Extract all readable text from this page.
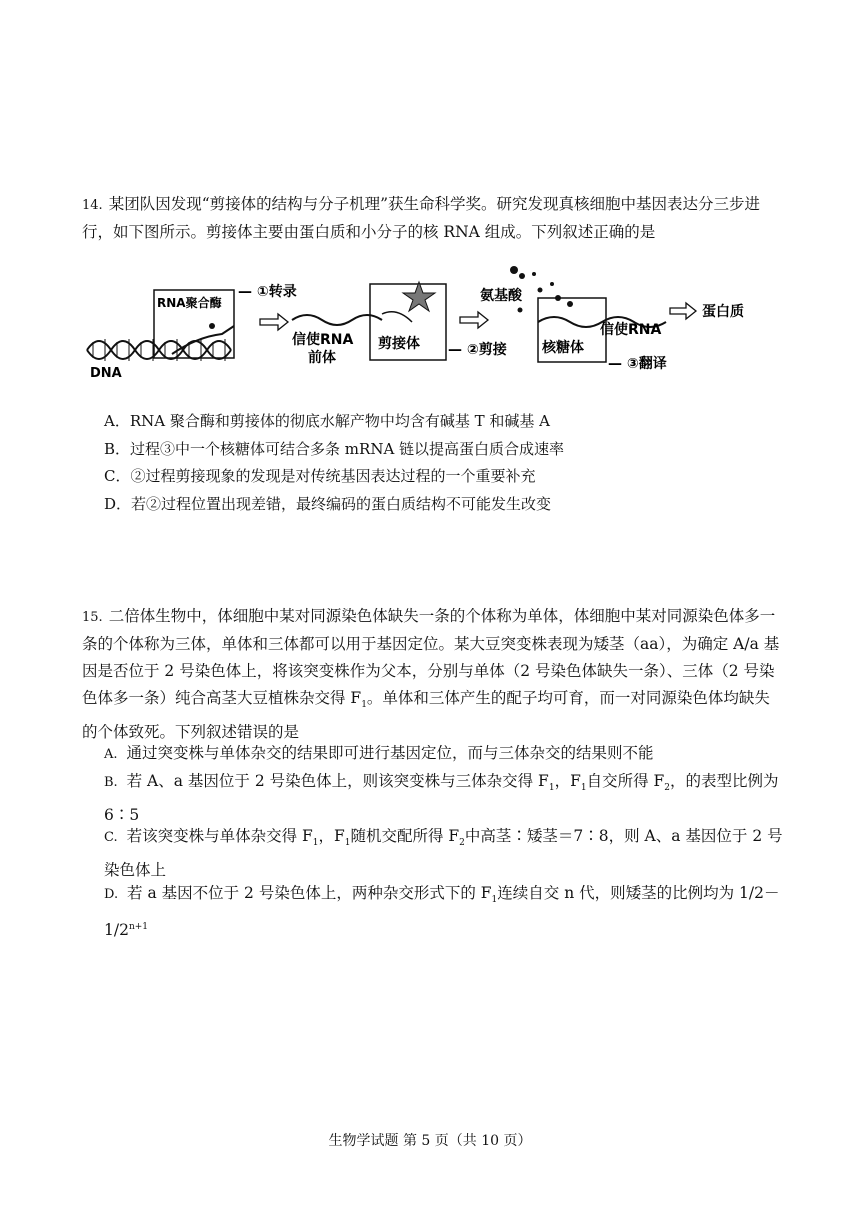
14. 某团队因发现“剪接体的结构与分子机理”获生命科学奖。研究发现真核细胞中基因表达分三步进行，如下图所示。剪接体主要由蛋白质和小分子的核 RNA 组成。下列叙述正确的是
DNA
RNA聚合酶
— ①转录
信使RNA
前体
剪接体 — ②剪接
氨基酸
核糖体
— ③翻译
信使RNA
蛋白质
A．RNA 聚合酶和剪接体的彻底水解产物中均含有碱基 T 和碱基 A
B．过程③中一个核糖体可结合多条 mRNA 链以提高蛋白质合成速率
C．②过程剪接现象的发现是对传统基因表达过程的一个重要补充
D．若②过程位置出现差错，最终编码的蛋白质结构不可能发生改变
15. 二倍体生物中，体细胞中某对同源染色体缺失一条的个体称为单体，体细胞中某对同源染色体多一条的个体称为三体，单体和三体都可以用于基因定位。某大豆突变株表现为矮茎（aa），为确定 A/a 基因是否位于 2 号染色体上，将该突变株作为父本，分别与单体（2 号染色体缺失一条）、三体（2 号染色体多一条）纯合高茎大豆植株杂交得 $F_1$。单体和三体产生的配子均可育，而一对同源染色体均缺失的个体致死。下列叙述错误的是
A. 通过突变株与单体杂交的结果即可进行基因定位，而与三体杂交的结果则不能
B. 若 A、a 基因位于 2 号染色体上，则该突变株与三体杂交得 $F_1$，$F_1$自交所得 $F_2$，的表型比例为 6∶5
C. 若该突变株与单体杂交得 $F_1$，$F_1$随机交配所得 $F_2$中高茎∶矮茎＝7∶8，则 A、a 基因位于 2 号染色体上
D. 若 a 基因不位于 2 号染色体上，两种杂交形式下的 $F_1$连续自交 n 代，则矮茎的比例均为 $1/2-1/2^{n+1}$
生物学试题 第 5 页（共 10 页）
